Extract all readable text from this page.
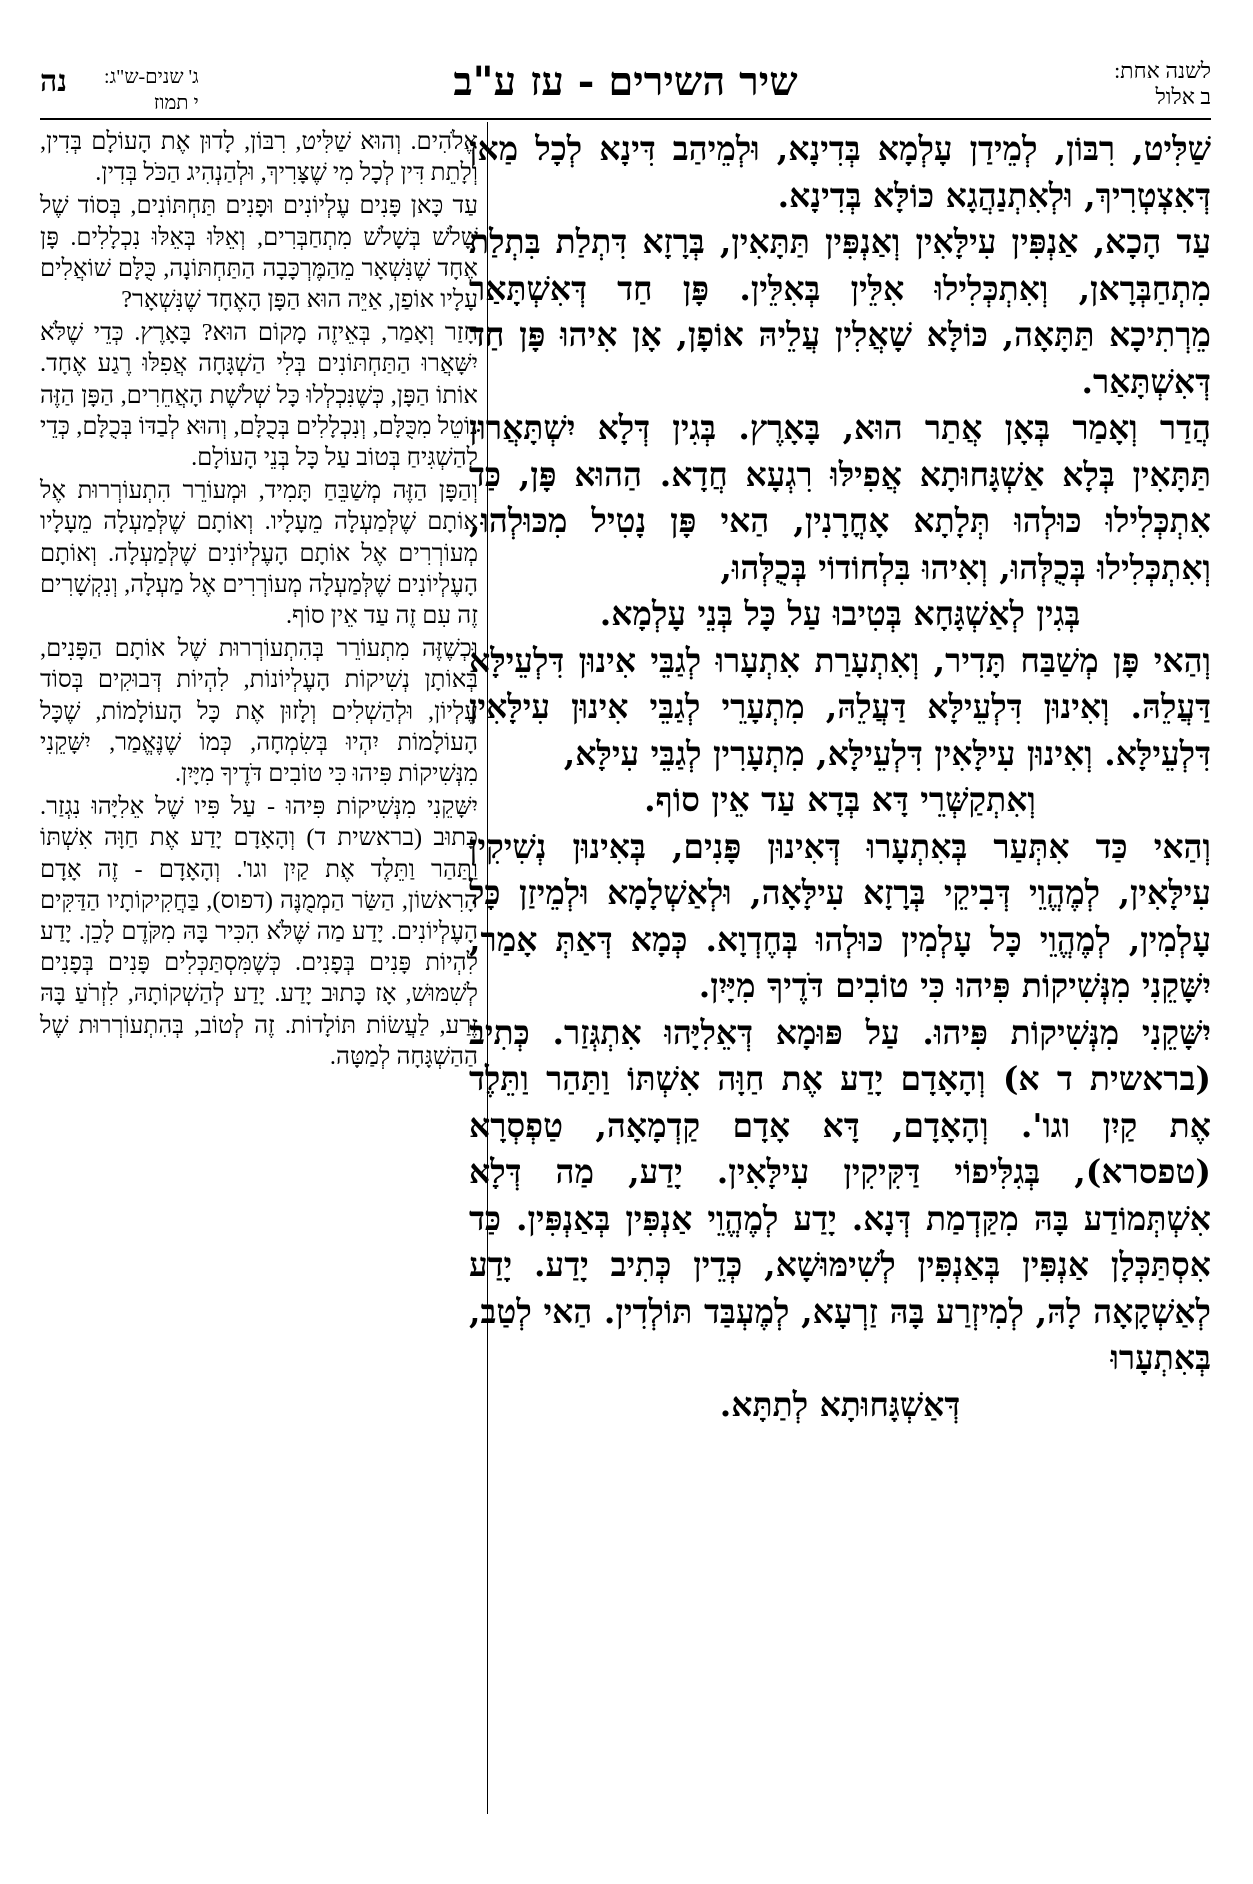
לשנה אחת:
ב אלול
שיר השירים - עז ע"ב
ג' שנים-ש"ג:
י תמוז
נה

שַׁלִּיט, רִבּוֹן, לְמֵידַן עָלְמָא בְּדִינָא, וּלְמֵיהַב דִּינָא לְכָל מַאן דְּאִצְטְרִיךְ, וּלְאִתְנַהֲגָא כּוֹלָּא בְּדִינָא.

עַד הָכָא, אַנְפִּין עִילָּאִין וְאַנְפִּין תַּתָּאִין, בְּרָזָא דִּתְלַת בִּתְלַת מִתְחַבְּרָאן, וְאִתְכְּלִילוּ אִלֵּין בְּאִלֵּין. פָּן חַד דְּאִשְׁתָּאַר מֵרְתִיכָא תַּתָּאָה, כּוֹלָּא שָׁאֲלִין עֲלֵיהּ אוֹפָן, אָן אִיהוּ פָּן חַד דְּאִשְׁתָּאַר.

הֲדַר וְאָמַר בְּאָן אֲתַר הוּא, בָּאָרֶץ. בְּגִין דְּלָא יִשְׁתָּאֲרוּן תַּתָּאִין בְּלָא אַשְׁגָּחוּתָא אֲפִילּוּ רִגְעָא חֲדָא. הַהוּא פָּן, כַּד אִתְכְּלִילוּ כּוּלְהוּ תְּלָתָא אָחֳרָנִין, הַאי פָּן נָטִיל מִכּוּלְהוּ, וְאִתְכְּלִילוּ בְּכֻלְּהוּ, וְאִיהוּ בִּלְחוֹדוֹי בְּכֻלְּהוּ,

בְּגִין לְאַשְׁגָּחָא בְּטִיבוּ עַל כָּל בְּנֵי עָלְמָא.

וְהַאי פָּן מְשַׁבַּח תָּדִיר, וְאִתְעָרַת אִתְעָרוּ לְגַבֵּי אִינוּן דִּלְעֵילָּא דַּעֲלֵהּ. וְאִינוּן דִּלְעֵילָּא דַּעֲלֵהּ, מִתְעָרֵי לְגַבֵּי אִינוּן עִילָּאִין דִּלְעֵילָּא. וְאִינוּן עִילָּאִין דִּלְעֵילָּא, מִתְעָרִין לְגַבֵּי עִילָּא,

וְאִתְקַשְּׁרֵי דָּא בְּדָא עַד אֵין סוֹף.

וְהַאי כַּד אִתְּעַר בְּאִתְעָרוּ דְּאִינוּן פָּנִים, בְּאִינוּן נְשִׁיקִין עִילָּאִין, לְמֶהֱוֵי דְּבִיקֵי בְּרָזָא עִילָּאָה, וּלְאַשְׁלָמָא וּלְמֵיזַן כָּל עָלְמִין, לְמֶהֱוֵי כָּל עָלְמִין כּוּלְהוּ בְּחֶדְוָא. כְּמָא דְּאַתְּ אָמַר, יִשָּׁקֵנִי מִנְּשִׁיקוֹת פִּיהוּ כִּי טוֹבִים דֹּדֶיךָ מִיָּיִן.

יִשָּׁקֵנִי מִנְּשִׁיקוֹת פִּיהוּ. עַל פּוּמָא דְּאֵלִיָּהוּ אִתְגְּזַר. כְּתִיב (בראשית ד א) וְהָאָדָם יָדַע אֶת חַוָּה אִשְׁתּוֹ וַתַּהַר וַתֵּלֶד אֶת קַיִן וגו'. וְהָאָדָם, דָּא אָדָם קַדְמָאָה, טַפְסְרָא (טפסרא), בְּגִלִּיפוֹי דַּקִּיקִין עִילָּאִין. יָדַע, מַה דְּלָא אִשְׁתְּמוֹדַע בָּהּ מִקַּדְמַת דְּנָא. יָדַע לְמֶהֱוֵי אַנְפִּין בְּאַנְפִּין. כַּד אִסְתַּכְּלָן אַנְפִּין בְּאַנְפִּין לְשִׁימּוּשָׁא, כְּדֵין כְּתִיב יָדַע. יָדַע לְאַשְׁקָאָה לָהּ, לְמִיזְרַע בָּהּ זַרְעָא, לְמֶעְבַּד תּוֹלְדִין. הַאי לְטַב, בְּאִתְעָרוּ

דְּאַשְׁגָּחוּתָא לְתַתָּא.

אֱלֹהִים. וְהוּא שַׁלִּיט, רִבּוֹן, לָדוּן אֶת הָעוֹלָם בְּדִין, וְלָתֵת דִּין לְכָל מִי שֶׁצָּרִיךְ, וּלְהַנְהִיג הַכֹּל בְּדִין.

עַד כָּאן פָּנִים עֶלְיוֹנִים וּפָנִים תַּחְתּוֹנִים, בְּסוֹד שֶׁל שָׁלֹשׁ בְּשָׁלֹשׁ מִתְחַבְּרִים, וְאֵלּוּ בְּאֵלּוּ נִכְלָלִים. פָּן אֶחָד שֶׁנִּשְׁאָר מֵהַמֶּרְכָּבָה הַתַּחְתּוֹנָה, כֻּלָּם שׁוֹאֲלִים עָלָיו אוֹפַן, אַיֵּה הוּא הַפָּן הָאֶחָד שֶׁנִּשְׁאָר?

חָזַר וְאָמַר, בְּאֵיזֶה מָקוֹם הוּא? בָּאָרֶץ. כְּדֵי שֶׁלֹּא יִשָּׁאֲרוּ הַתַּחְתּוֹנִים בְּלִי הַשְׁגָּחָה אֲפִלּוּ רֶגַע אֶחָד. אוֹתוֹ הַפָּן, כְּשֶׁנִּכְלְלוּ כָּל שְׁלֹשֶׁת הָאֲחֵרִים, הַפָּן הַזֶּה נוֹטֵל מִכֻּלָּם, וְנִכְלָלִים בְּכֻלָּם, וְהוּא לְבַדּוֹ בְּכֻלָּם, כְּדֵי לְהַשְׁגִּיחַ בְּטוֹב עַל כָּל בְּנֵי הָעוֹלָם.

וְהַפָּן הַזֶּה מְשַׁבֵּחַ תָּמִיד, וּמְעוֹרֵר הִתְעוֹרְרוּת אֶל אוֹתָם שֶׁלְּמַעְלָה מֵעָלָיו. וְאוֹתָם שֶׁלְּמַעְלָה מֵעָלָיו מְעוֹרְרִים אֶל אוֹתָם הָעֶלְיוֹנִים שֶׁלְּמַעְלָה. וְאוֹתָם הָעֶלְיוֹנִים שֶׁלְּמַעְלָה מְעוֹרְרִים אֶל מַעְלָה, וְנִקְשָׁרִים זֶה עִם זֶה עַד אֵין סוֹף.

וּכְשֶׁזֶּה מִתְעוֹרֵר בְּהִתְעוֹרְרוּת שֶׁל אוֹתָם הַפָּנִים, בְּאוֹתָן נְשִׁיקוֹת הָעֶלְיוֹנוֹת, לִהְיוֹת דְּבוּקִים בְּסוֹד עֶלְיוֹן, וּלְהַשְׁלִים וְלָזוּן אֶת כָּל הָעוֹלָמוֹת, שֶׁכָּל הָעוֹלָמוֹת יִהְיוּ בְּשִׂמְחָה, כְּמוֹ שֶׁנֶּאֱמַר, יִשָּׁקֵנִי מִנְּשִׁיקוֹת פִּיהוּ כִּי טוֹבִים דֹּדֶיךָ מִיָּיִן.

יִשָּׁקֵנִי מִנְּשִׁיקוֹת פִּיהוּ - עַל פִּיו שֶׁל אֵלִיָּהוּ נִגְזַר. כָּתוּב (בראשית ד) וְהָאָדָם יָדַע אֶת חַוָּה אִשְׁתּוֹ וַתַּהַר וַתֵּלֶד אֶת קַיִן וגו'. וְהָאָדָם - זֶה אָדָם הָרִאשׁוֹן, הַשַּׂר הַמְמֻנֶּה (דפוס), בַּחֲקִיקוֹתָיו הַדַּקִּים הָעֶלְיוֹנִים. יָדַע מַה שֶּׁלֹּא הִכִּיר בָּהּ מִקֹּדֶם לָכֵן. יָדַע לִהְיוֹת פָּנִים בְּפָנִים. כְּשֶׁמִּסְתַּכְּלִים פָּנִים בְּפָנִים לְשִׁמּוּשׁ, אָז כָּתוּב יָדַע. יָדַע לְהַשְׁקוֹתָהּ, לִזְרֹעַ בָּהּ זֶרַע, לַעֲשׂוֹת תּוֹלָדוֹת. זֶה לְטוֹב, בְּהִתְעוֹרְרוּת שֶׁל הַהַשְׁגָּחָה לְמַטָּה.
